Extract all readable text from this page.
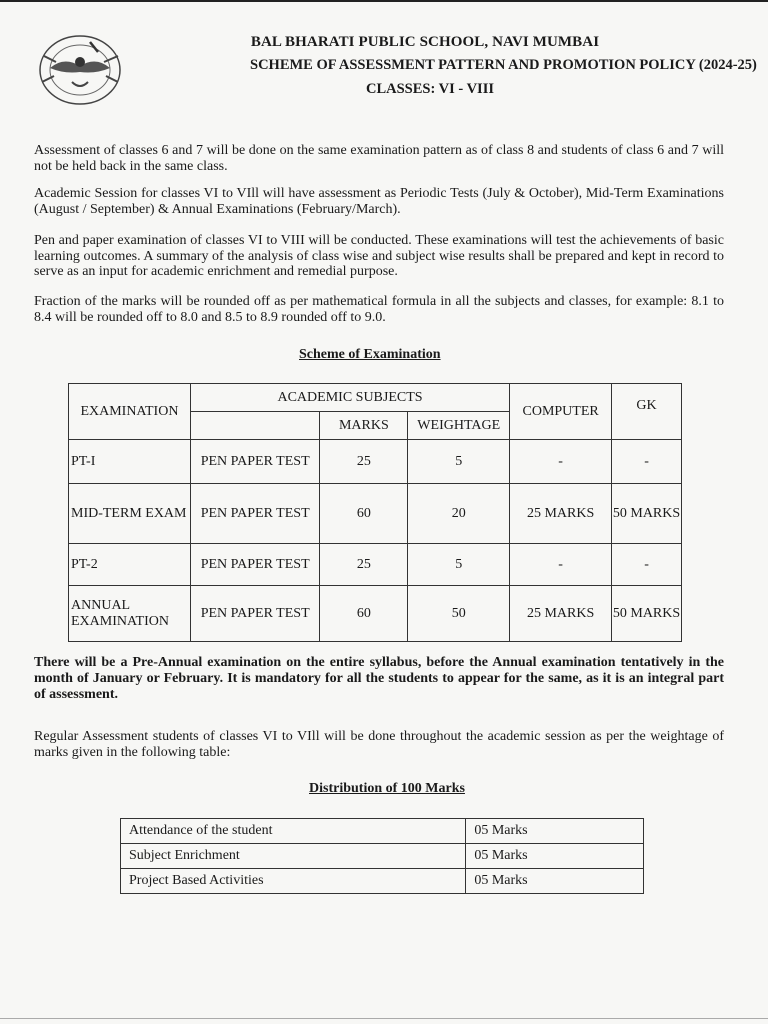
BAL BHARATI PUBLIC SCHOOL, NAVI MUMBAI
SCHEME OF ASSESSMENT PATTERN AND PROMOTION POLICY (2024-25)
CLASSES: VI - VIII

Assessment of classes 6 and 7 will be done on the same examination pattern as of class 8 and students of class 6 and 7 will not be held back in the same class.

Academic Session for classes VI to VIll will have assessment as Periodic Tests (July & October), Mid-Term Examinations (August / September) & Annual Examinations (February/March).

Pen and paper examination of classes VI to VIII will be conducted. These examinations will test the achievements of basic learning outcomes. A summary of the analysis of class wise and subject wise results shall be prepared and kept in record to serve as an input for academic enrichment and remedial purpose.

Fraction of the marks will be rounded off as per mathematical formula in all the subjects and classes, for example: 8.1 to 8.4 will be rounded off to 8.0 and 8.5 to 8.9 rounded off to 9.0.

Scheme of Examination
EXAMINATION	ACADEMIC SUBJECTS			COMPUTER	GK
		MARKS	WEIGHTAGE		
PT-I	PEN PAPER TEST	25	5	-	-
MID-TERM EXAM	PEN PAPER TEST	60	20	25 MARKS	50 MARKS
PT-2	PEN PAPER TEST	25	5	-	-
ANNUAL EXAMINATION	PEN PAPER TEST	60	50	25 MARKS	50 MARKS

There will be a Pre-Annual examination on the entire syllabus, before the Annual examination tentatively in the month of January or February. It is mandatory for all the students to appear for the same, as it is an integral part of assessment.

Regular Assessment students of classes VI to VIll will be done throughout the academic session as per the weightage of marks given in the following table:

Distribution of 100 Marks
Attendance of the student	05 Marks
Subject Enrichment	05 Marks
Project Based Activities	05 Marks
